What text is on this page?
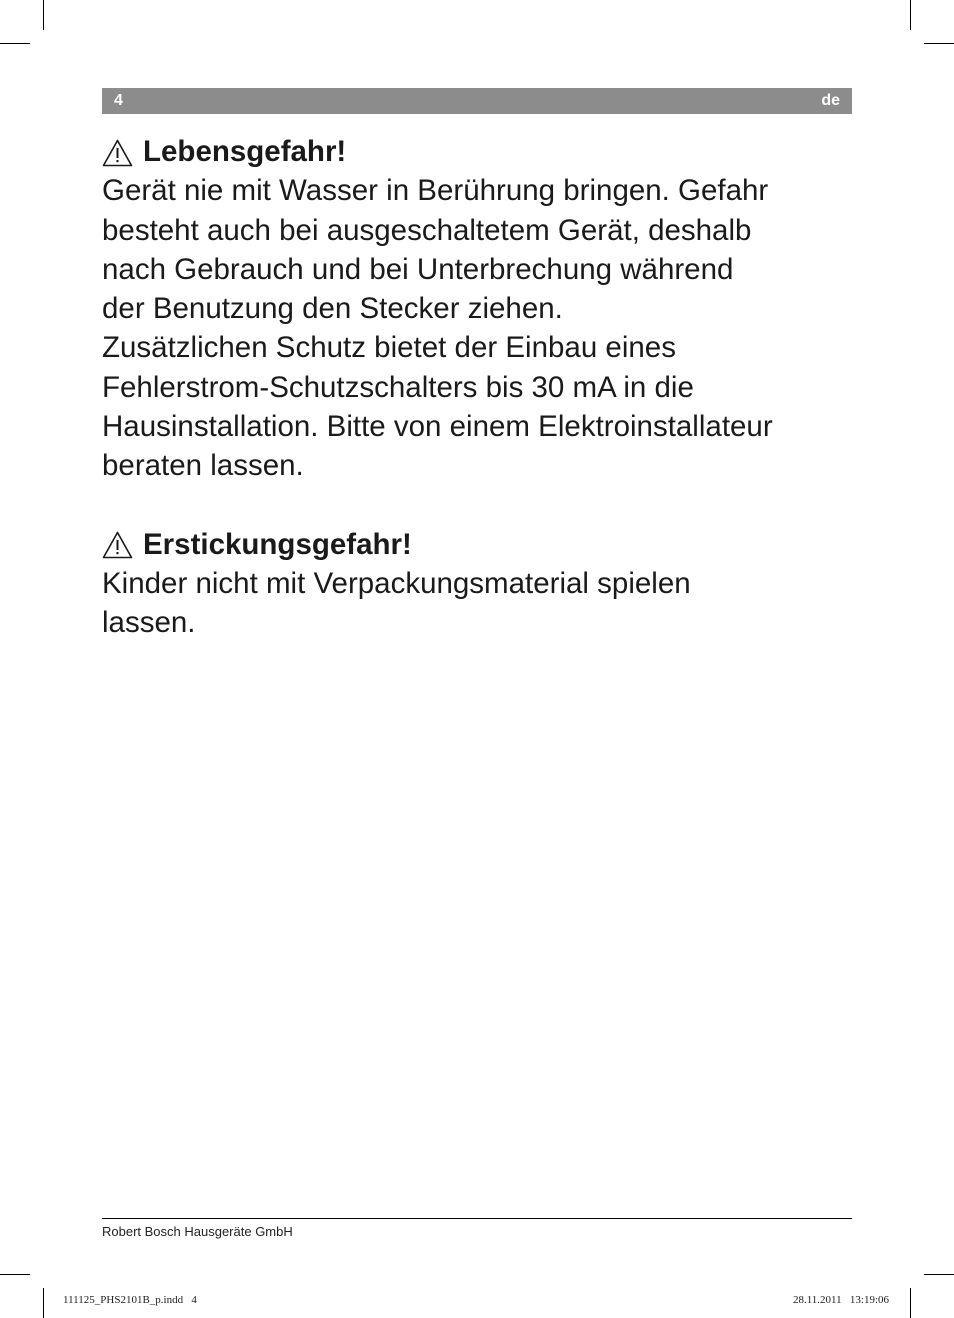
4	de
Lebensgefahr!

Gerät nie mit Wasser in Berührung bringen. Gefahr

besteht auch bei ausgeschaltetem Gerät, deshalb

nach Gebrauch und bei Unterbrechung während

der Benutzung den Stecker ziehen.

Zusätzlichen Schutz bietet der Einbau eines

Fehlerstrom-Schutzschalters bis 30 mA in die

Hausinstallation. Bitte von einem Elektroinstallateur

beraten lassen.

Erstickungsgefahr!

Kinder nicht mit Verpackungsmaterial spielen

lassen.

Robert Bosch Hausgeräte GmbH
111125_PHS2101B_p.indd   4	28.11.2011   13:19:06
